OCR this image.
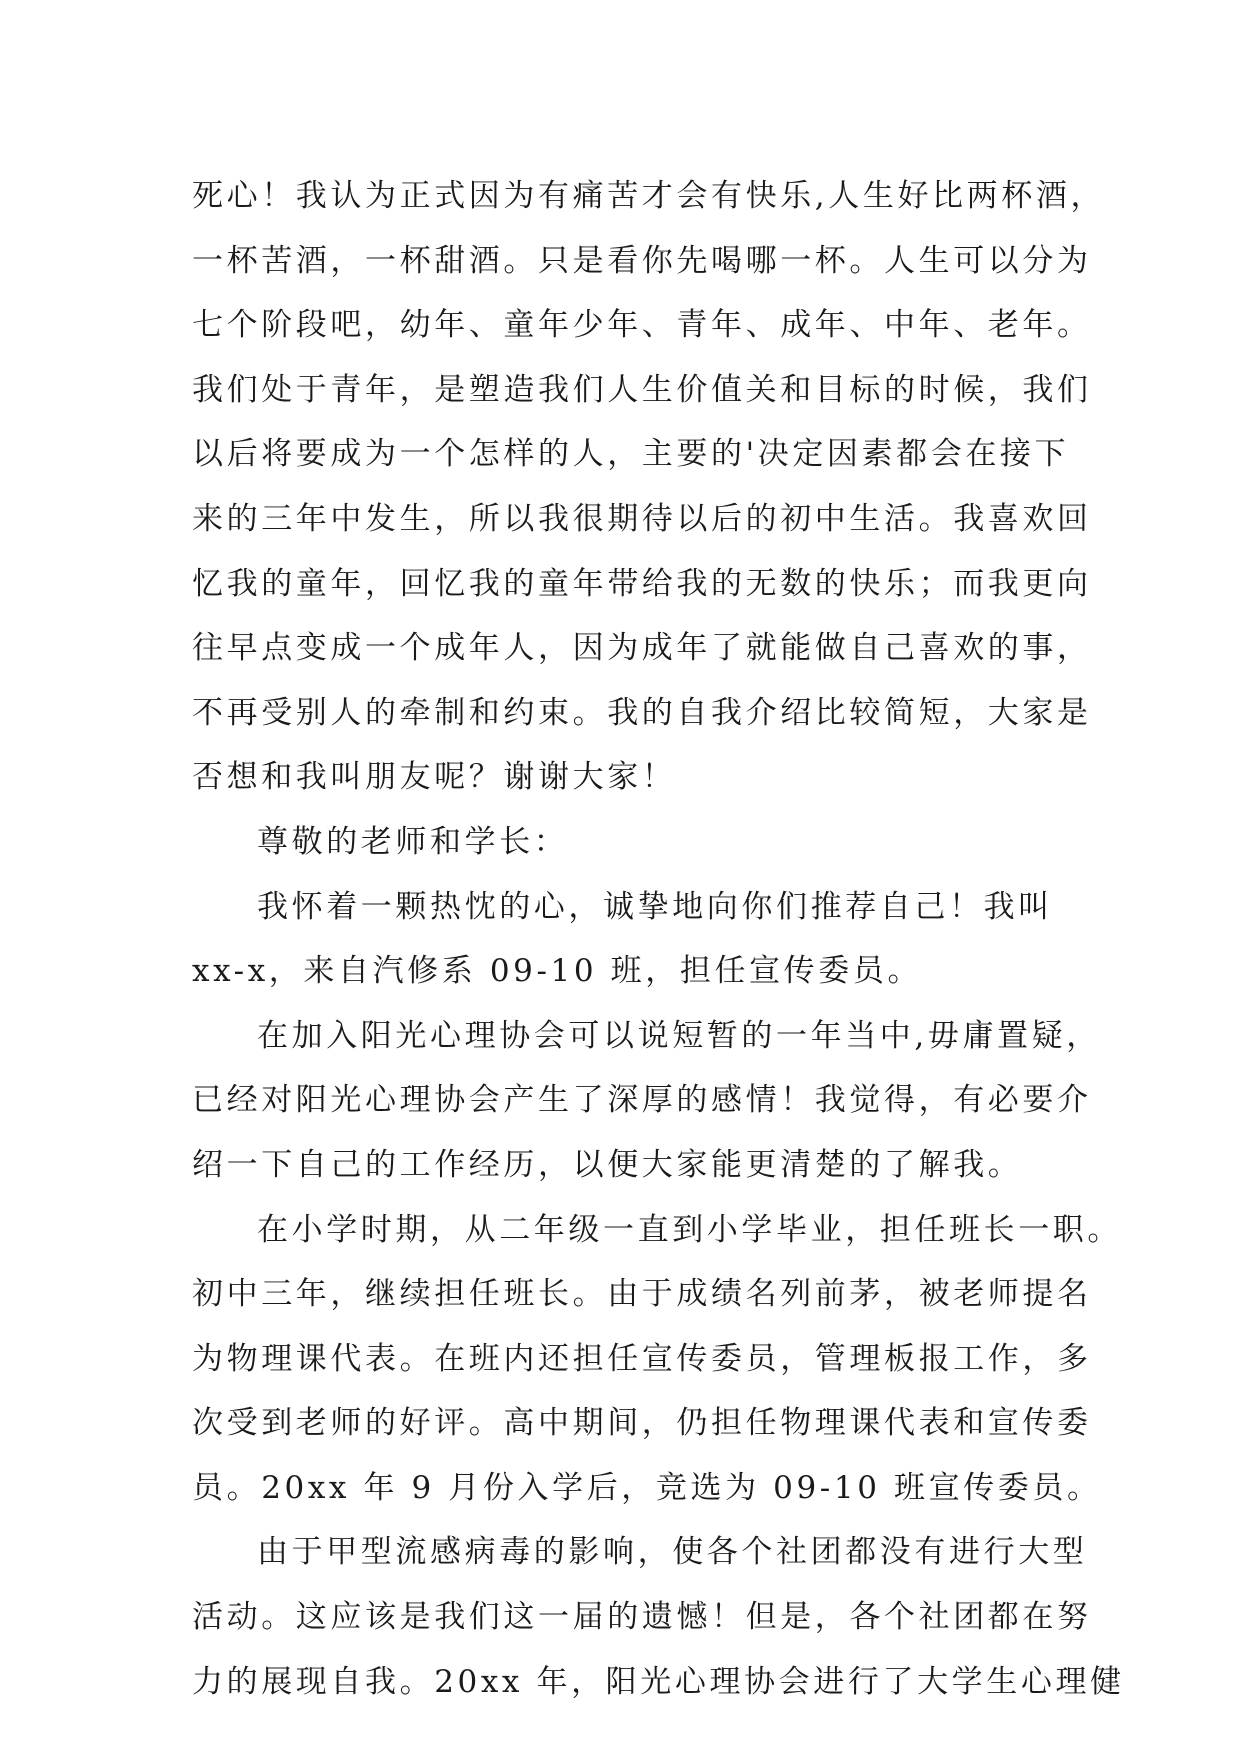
死心！我认为正式因为有痛苦才会有快乐,人生好比两杯酒，
一杯苦酒，一杯甜酒。只是看你先喝哪一杯。人生可以分为
七个阶段吧，幼年、童年少年、青年、成年、中年、老年。
我们处于青年，是塑造我们人生价值关和目标的时候，我们
以后将要成为一个怎样的人，主要的'决定因素都会在接下
来的三年中发生，所以我很期待以后的初中生活。我喜欢回
忆我的童年，回忆我的童年带给我的无数的快乐；而我更向
往早点变成一个成年人，因为成年了就能做自己喜欢的事，
不再受别人的牵制和约束。我的自我介绍比较简短，大家是
否想和我叫朋友呢？谢谢大家！
尊敬的老师和学长：
我怀着一颗热忱的心，诚挚地向你们推荐自己！我叫
xx-x，来自汽修系 09-10 班，担任宣传委员。
在加入阳光心理协会可以说短暂的一年当中,毋庸置疑，
已经对阳光心理协会产生了深厚的感情！我觉得，有必要介
绍一下自己的工作经历，以便大家能更清楚的了解我。
在小学时期，从二年级一直到小学毕业，担任班长一职。
初中三年，继续担任班长。由于成绩名列前茅，被老师提名
为物理课代表。在班内还担任宣传委员，管理板报工作，多
次受到老师的好评。高中期间，仍担任物理课代表和宣传委
员。20xx 年 9 月份入学后，竞选为 09-10 班宣传委员。
由于甲型流感病毒的影响，使各个社团都没有进行大型
活动。这应该是我们这一届的遗憾！但是，各个社团都在努
力的展现自我。20xx 年，阳光心理协会进行了大学生心理健
